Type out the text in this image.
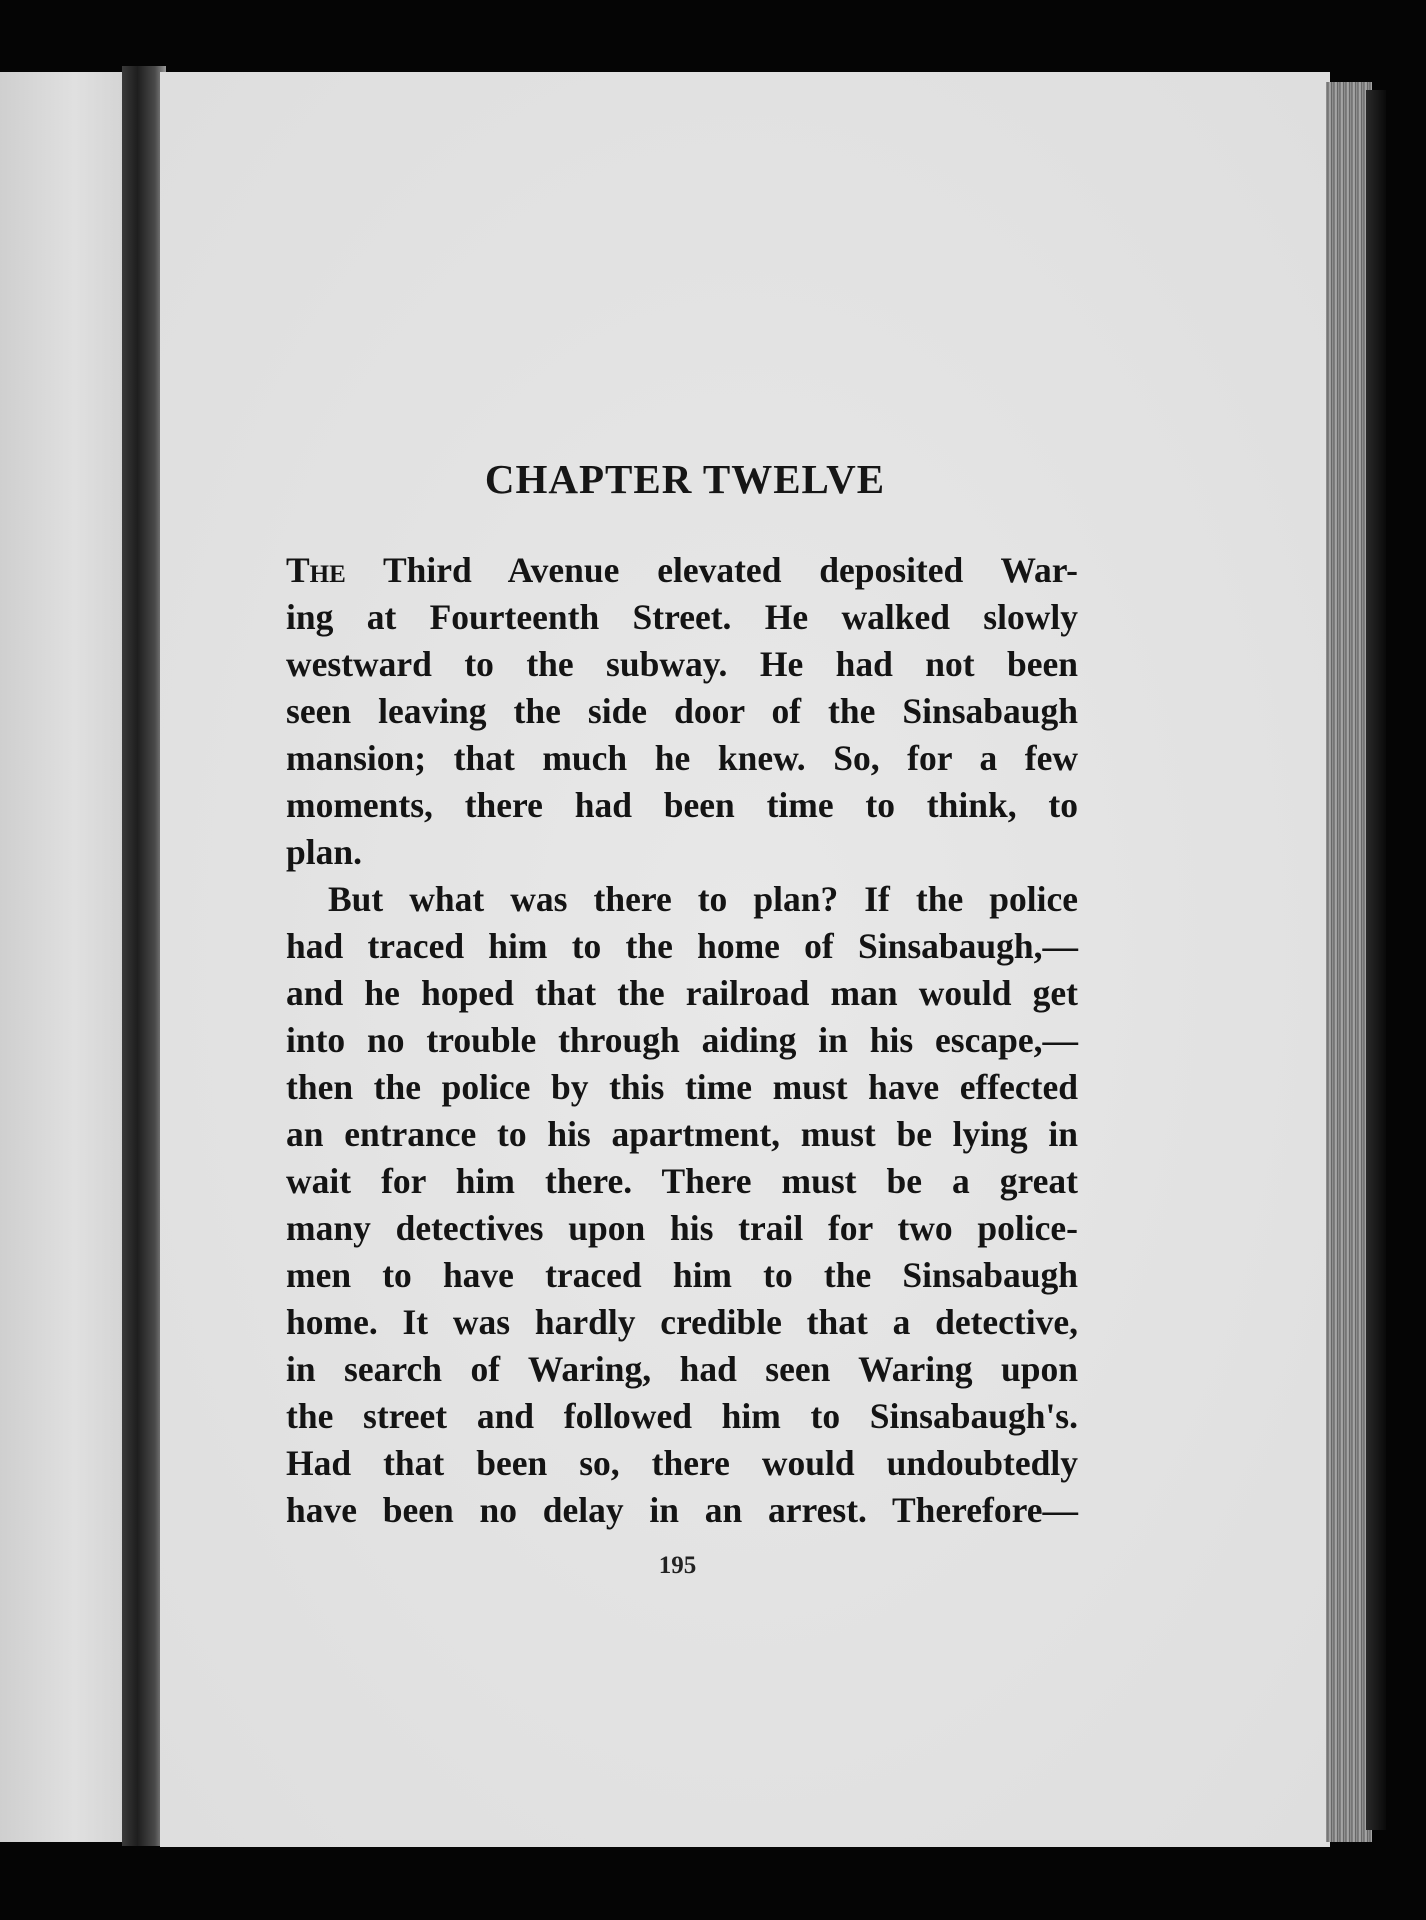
CHAPTER TWELVE
The Third Avenue elevated deposited War-
ing at Fourteenth Street. He walked slowly
westward to the subway. He had not been
seen leaving the side door of the Sinsabaugh
mansion; that much he knew. So, for a few
moments, there had been time to think, to
plan.
But what was there to plan? If the police
had traced him to the home of Sinsabaugh,—
and he hoped that the railroad man would get
into no trouble through aiding in his escape,—
then the police by this time must have effected
an entrance to his apartment, must be lying in
wait for him there. There must be a great
many detectives upon his trail for two police-
men to have traced him to the Sinsabaugh
home. It was hardly credible that a detective,
in search of Waring, had seen Waring upon
the street and followed him to Sinsabaugh's.
Had that been so, there would undoubtedly
have been no delay in an arrest. Therefore—
195
